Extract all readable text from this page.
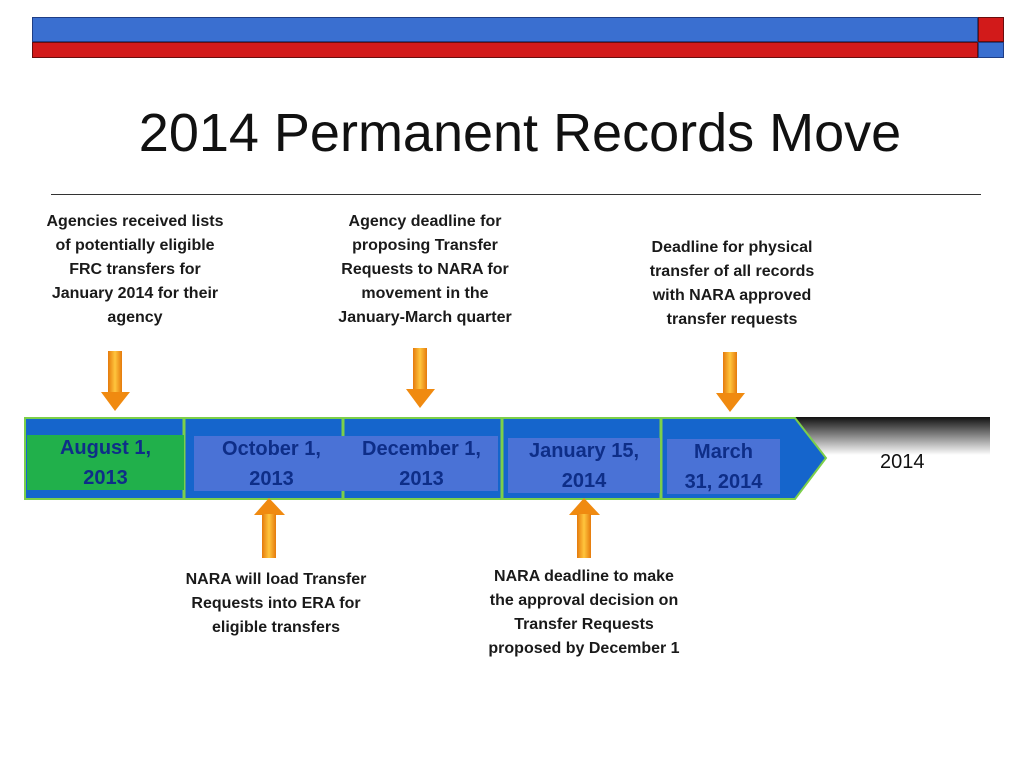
2014 Permanent Records Move
August 1,
2013
October 1,
2013
December 1,
2013
January 15,
2014
March
31, 2014
2014
Agencies received lists
of potentially eligible
FRC transfers for
January 2014 for their
agency
Agency deadline for
proposing Transfer
Requests to NARA for
movement in the
January-March quarter
Deadline for physical
transfer of all records
with NARA approved
transfer requests
NARA will load Transfer
Requests into ERA for
eligible transfers
NARA deadline to make
the approval decision on
Transfer Requests
proposed by December 1
